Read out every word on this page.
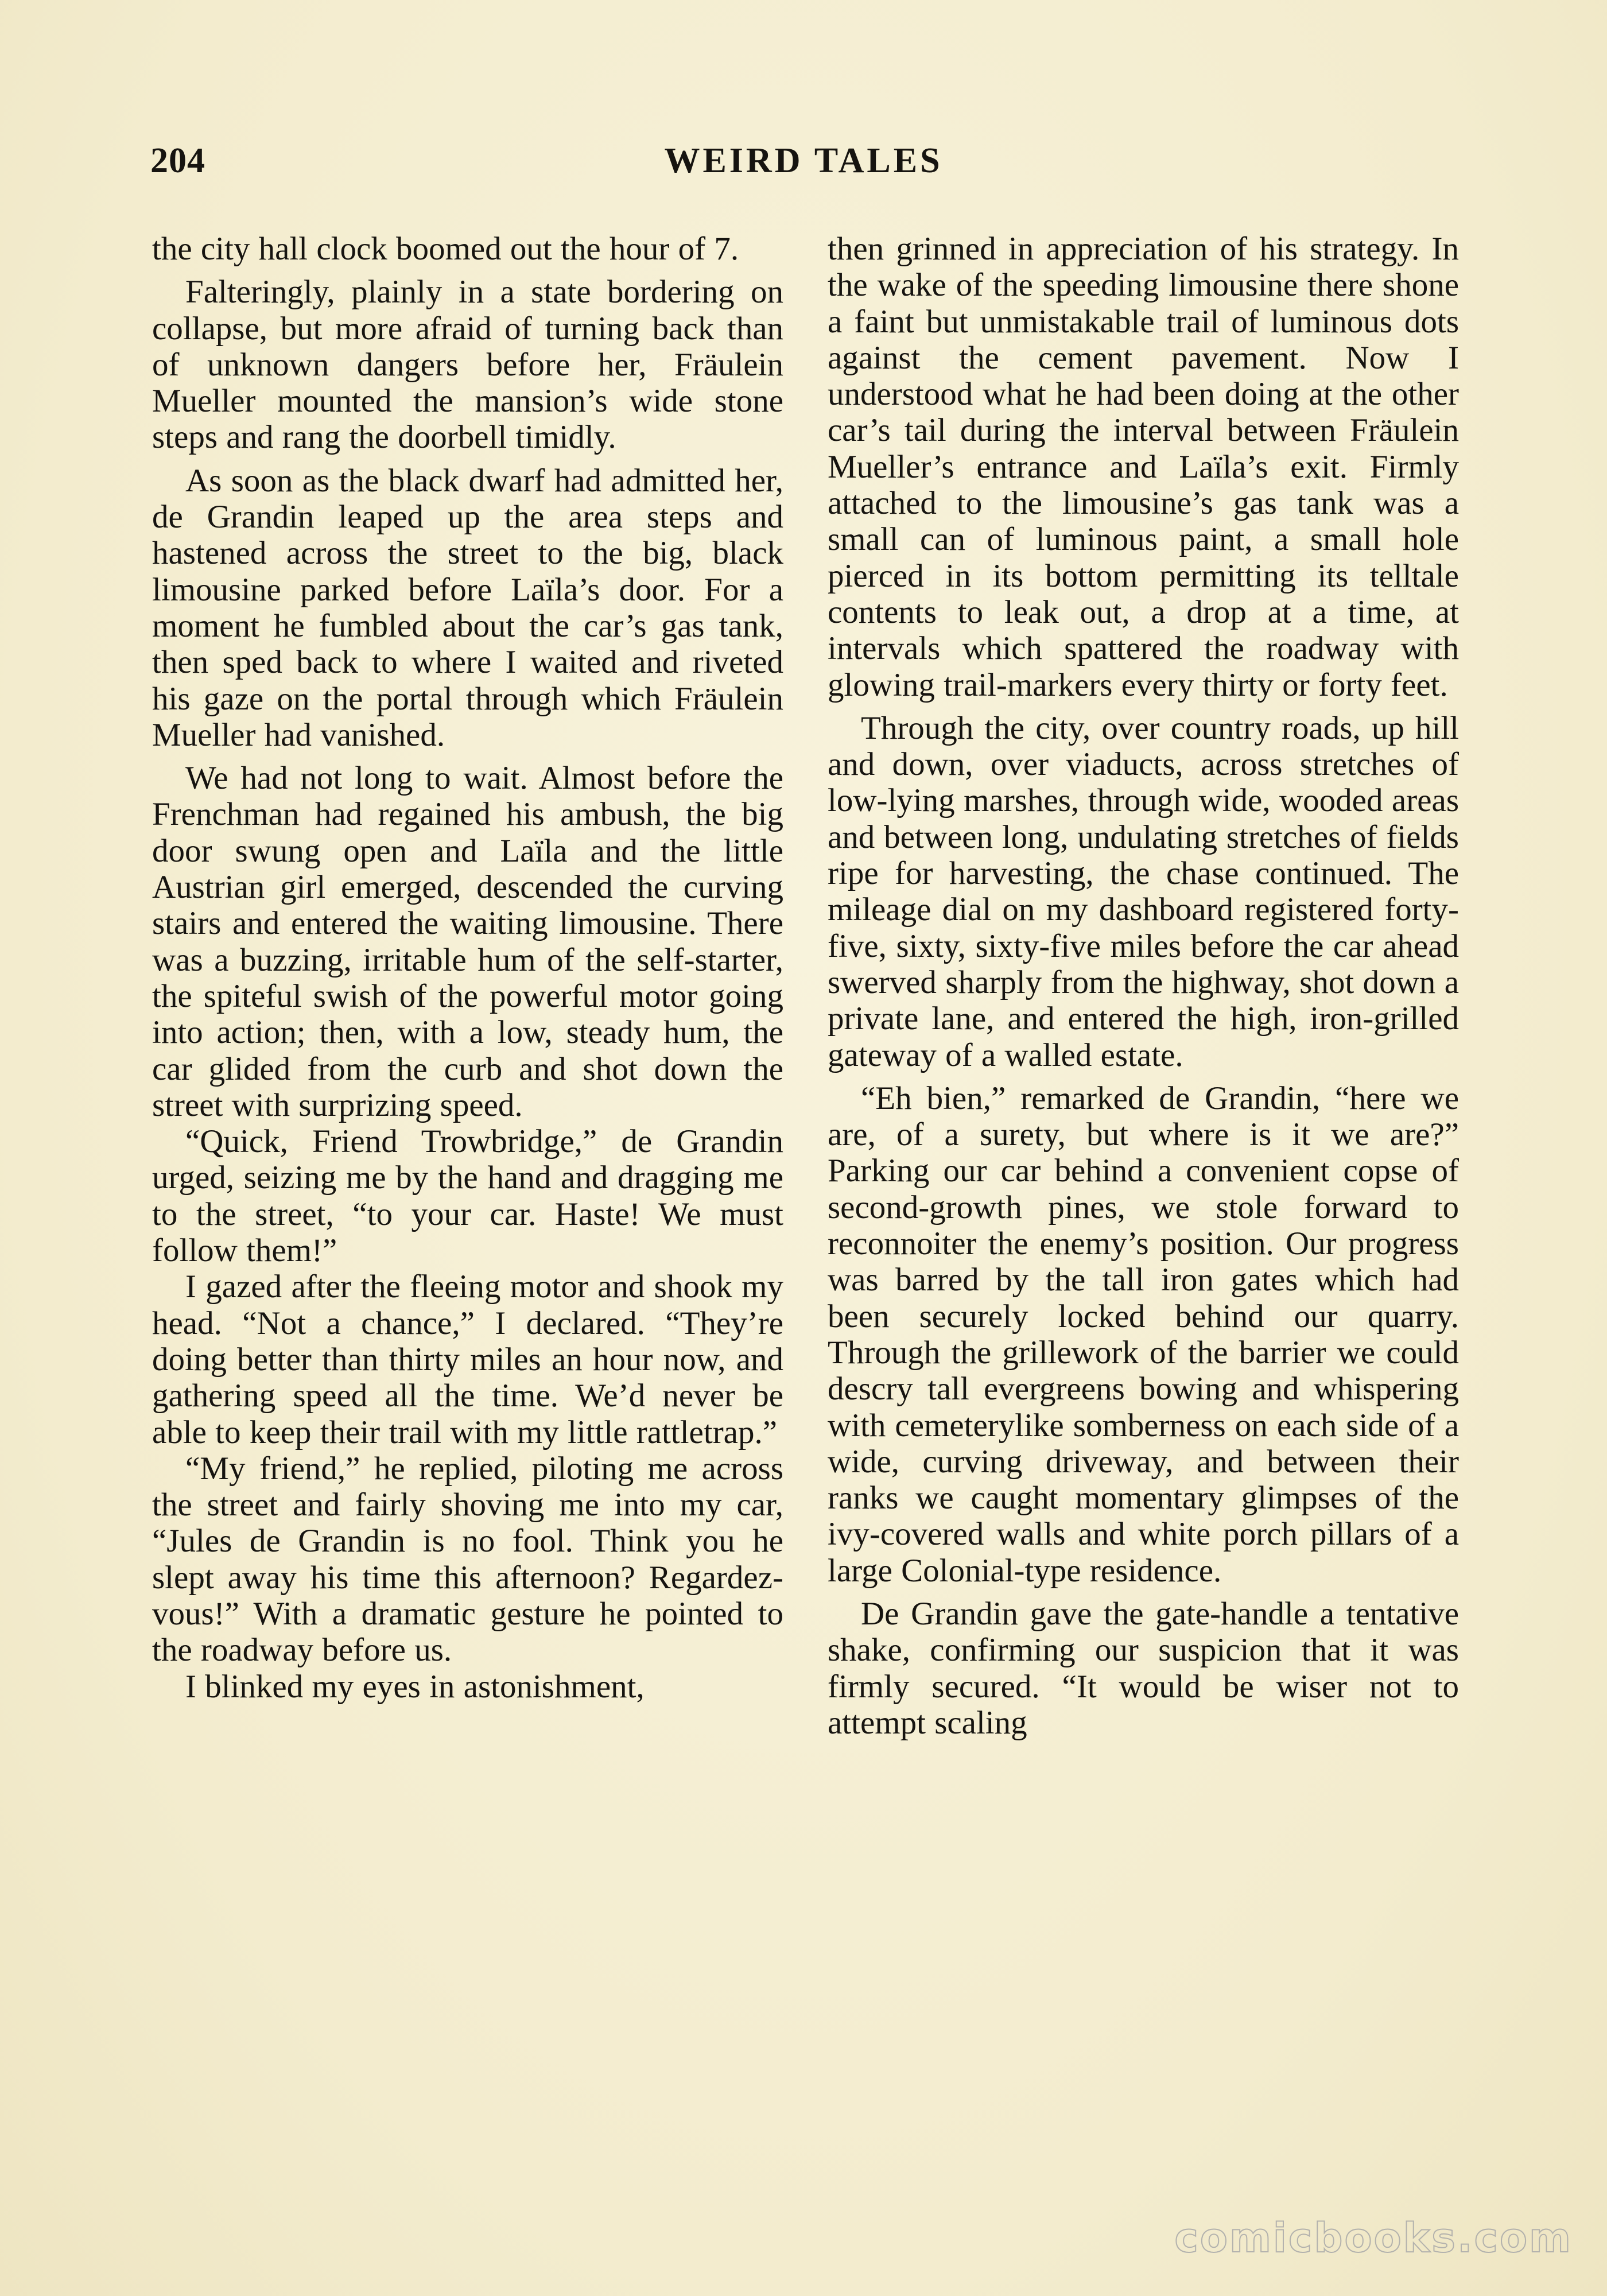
204	WEIRD TALES

the city hall clock boomed out the hour of 7.

Falteringly, plainly in a state bordering on collapse, but more afraid of turning back than of unknown dangers before her, Fräulein Mueller mounted the mansion’s wide stone steps and rang the doorbell timidly.

As soon as the black dwarf had admitted her, de Grandin leaped up the area steps and hastened across the street to the big, black limousine parked before Laïla’s door. For a moment he fumbled about the car’s gas tank, then sped back to where I waited and riveted his gaze on the portal through which Fräulein Mueller had vanished.

We had not long to wait. Almost before the Frenchman had regained his ambush, the big door swung open and Laïla and the little Austrian girl emerged, descended the curving stairs and entered the waiting limousine. There was a buzzing, irritable hum of the self-starter, the spiteful swish of the powerful motor going into action; then, with a low, steady hum, the car glided from the curb and shot down the street with surprizing speed.

“Quick, Friend Trowbridge,” de Grandin urged, seizing me by the hand and dragging me to the street, “to your car. Haste! We must follow them!”

I gazed after the fleeing motor and shook my head. “Not a chance,” I declared. “They’re doing better than thirty miles an hour now, and gathering speed all the time. We’d never be able to keep their trail with my little rattletrap.”

“My friend,” he replied, piloting me across the street and fairly shoving me into my car, “Jules de Grandin is no fool. Think you he slept away his time this afternoon? Regardez-vous!” With a dramatic gesture he pointed to the roadway before us.

I blinked my eyes in astonishment,

then grinned in appreciation of his strategy. In the wake of the speeding limousine there shone a faint but unmistakable trail of luminous dots against the cement pavement. Now I understood what he had been doing at the other car’s tail during the interval between Fräulein Mueller’s entrance and Laïla’s exit. Firmly attached to the limousine’s gas tank was a small can of luminous paint, a small hole pierced in its bottom permitting its telltale contents to leak out, a drop at a time, at intervals which spattered the roadway with glowing trail-markers every thirty or forty feet.

Through the city, over country roads, up hill and down, over viaducts, across stretches of low-lying marshes, through wide, wooded areas and between long, undulating stretches of fields ripe for harvesting, the chase continued. The mileage dial on my dashboard registered forty-five, sixty, sixty-five miles before the car ahead swerved sharply from the highway, shot down a private lane, and entered the high, iron-grilled gateway of a walled estate.

“Eh bien,” remarked de Grandin, “here we are, of a surety, but where is it we are?” Parking our car behind a convenient copse of second-growth pines, we stole forward to reconnoiter the enemy’s position. Our progress was barred by the tall iron gates which had been securely locked behind our quarry. Through the grillework of the barrier we could descry tall evergreens bowing and whispering with cemeterylike somberness on each side of a wide, curving driveway, and between their ranks we caught momentary glimpses of the ivy-covered walls and white porch pillars of a large Colonial-type residence.

De Grandin gave the gate-handle a tentative shake, confirming our suspicion that it was firmly secured. “It would be wiser not to attempt scaling

comicbooks.com
